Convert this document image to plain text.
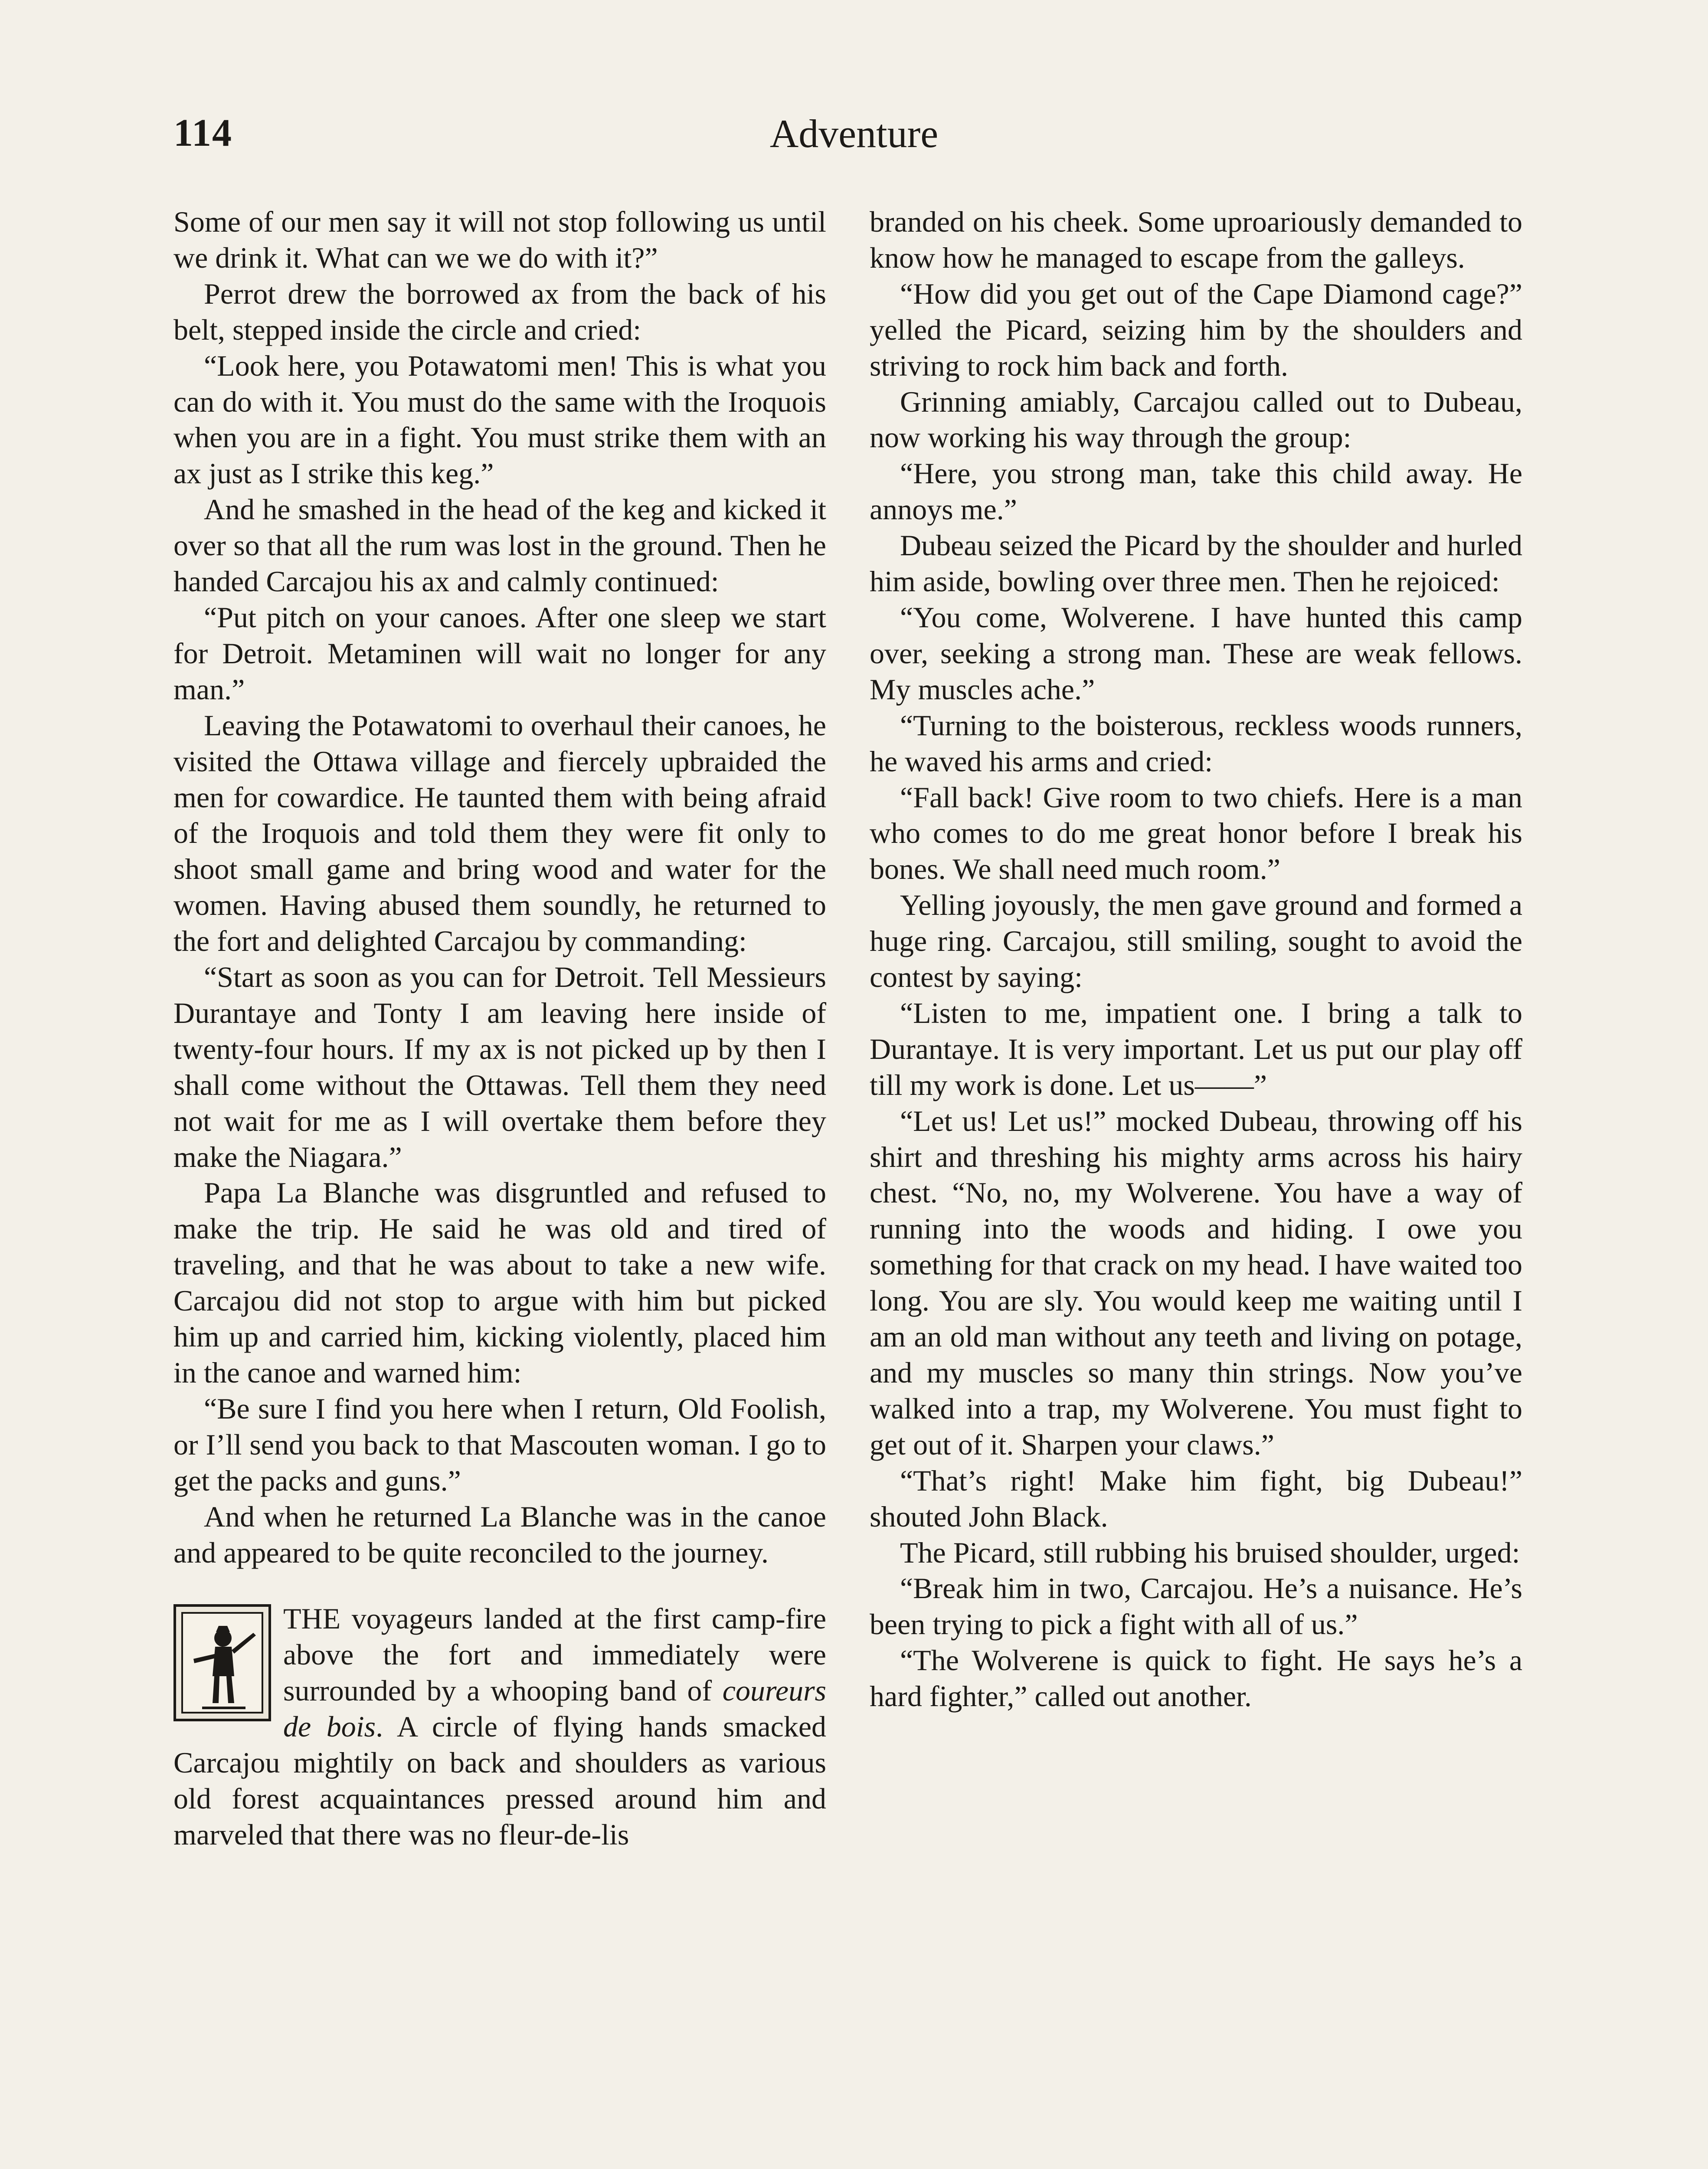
114	Adventure

Some of our men say it will not stop following us until we drink it. What can we we do with it?”

Perrot drew the borrowed ax from the back of his belt, stepped inside the circle and cried:

“Look here, you Potawatomi men! This is what you can do with it. You must do the same with the Iroquois when you are in a fight. You must strike them with an ax just as I strike this keg.”

And he smashed in the head of the keg and kicked it over so that all the rum was lost in the ground. Then he handed Carcajou his ax and calmly continued:

“Put pitch on your canoes. After one sleep we start for Detroit. Metaminen will wait no longer for any man.”

Leaving the Potawatomi to overhaul their canoes, he visited the Ottawa village and fiercely upbraided the men for cowardice. He taunted them with being afraid of the Iroquois and told them they were fit only to shoot small game and bring wood and water for the women. Having abused them soundly, he returned to the fort and delighted Carcajou by commanding:

“Start as soon as you can for Detroit. Tell Messieurs Durantaye and Tonty I am leaving here inside of twenty-four hours. If my ax is not picked up by then I shall come without the Ottawas. Tell them they need not wait for me as I will overtake them before they make the Niagara.”

Papa La Blanche was disgruntled and refused to make the trip. He said he was old and tired of traveling, and that he was about to take a new wife. Carcajou did not stop to argue with him but picked him up and carried him, kicking violently, placed him in the canoe and warned him:

“Be sure I find you here when I return, Old Foolish, or I’ll send you back to that Mascouten woman. I go to get the packs and guns.”

And when he returned La Blanche was in the canoe and appeared to be quite reconciled to the journey.

THE voyageurs landed at the first camp-fire above the fort and immediately were surrounded by a whooping band of coureurs de bois. A circle of flying hands smacked Carcajou mightily on back and shoulders as various old forest acquaintances pressed around him and marveled that there was no fleur-de-lis

branded on his cheek. Some uproariously demanded to know how he managed to escape from the galleys.

“How did you get out of the Cape Diamond cage?” yelled the Picard, seizing him by the shoulders and striving to rock him back and forth.

Grinning amiably, Carcajou called out to Dubeau, now working his way through the group:

“Here, you strong man, take this child away. He annoys me.”

Dubeau seized the Picard by the shoulder and hurled him aside, bowling over three men. Then he rejoiced:

“You come, Wolverene. I have hunted this camp over, seeking a strong man. These are weak fellows. My muscles ache.”

“Turning to the boisterous, reckless woods runners, he waved his arms and cried:

“Fall back! Give room to two chiefs. Here is a man who comes to do me great honor before I break his bones. We shall need much room.”

Yelling joyously, the men gave ground and formed a huge ring. Carcajou, still smiling, sought to avoid the contest by saying:

“Listen to me, impatient one. I bring a talk to Durantaye. It is very important. Let us put our play off till my work is done. Let us——”

“Let us! Let us!” mocked Dubeau, throwing off his shirt and threshing his mighty arms across his hairy chest. “No, no, my Wolverene. You have a way of running into the woods and hiding. I owe you something for that crack on my head. I have waited too long. You are sly. You would keep me waiting until I am an old man without any teeth and living on potage, and my muscles so many thin strings. Now you’ve walked into a trap, my Wolverene. You must fight to get out of it. Sharpen your claws.”

“That’s right! Make him fight, big Dubeau!” shouted John Black.

The Picard, still rubbing his bruised shoulder, urged:

“Break him in two, Carcajou. He’s a nuisance. He’s been trying to pick a fight with all of us.”

“The Wolverene is quick to fight. He says he’s a hard fighter,” called out another.
